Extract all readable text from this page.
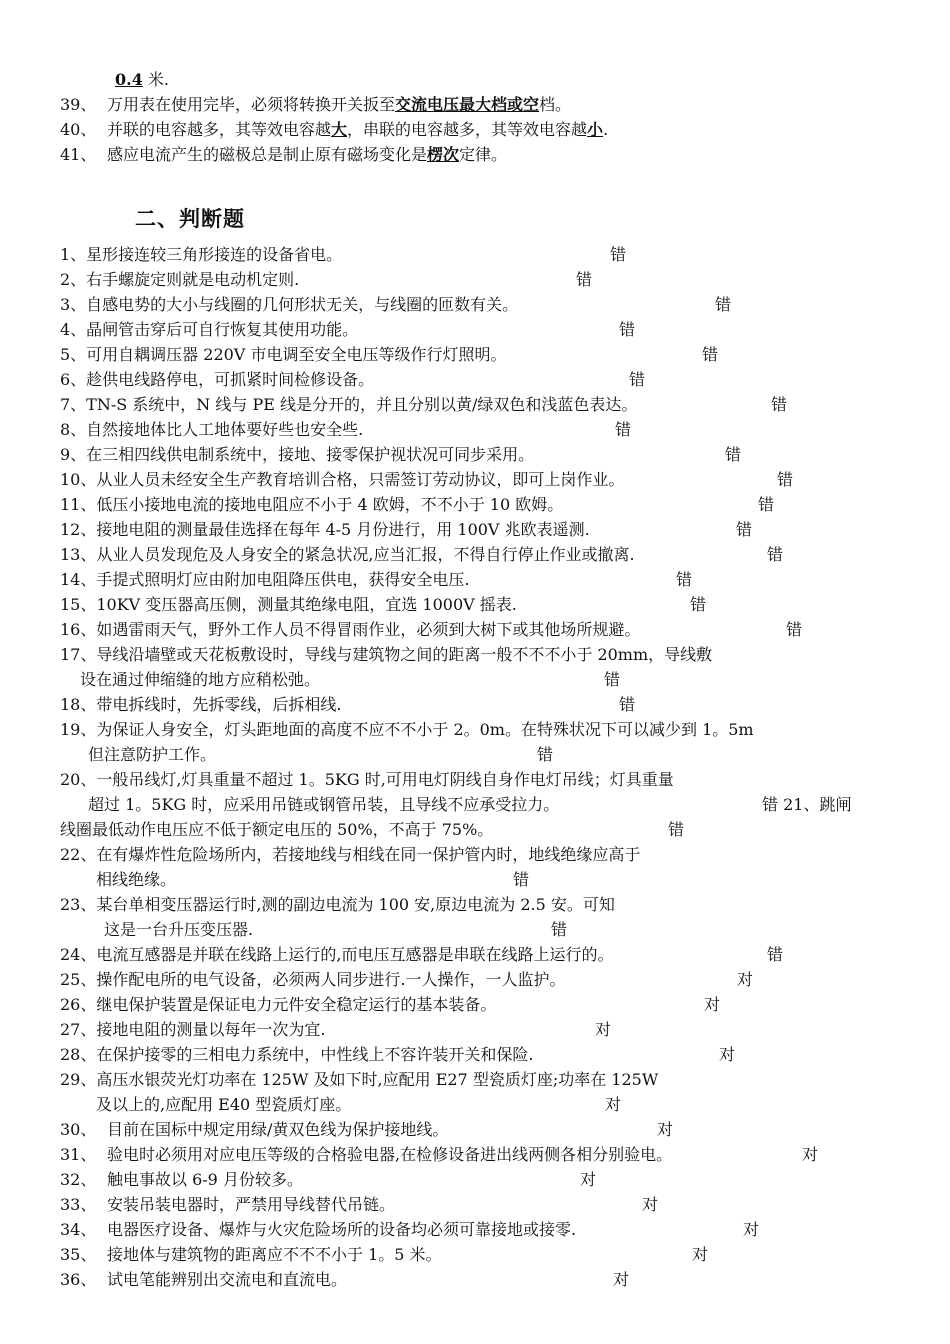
0.4 米.
39、 万用表在使用完毕，必须将转换开关扳至交流电压最大档或空档。
40、 并联的电容越多，其等效电容越大，串联的电容越多，其等效电容越小.
41、 感应电流产生的磁极总是制止原有磁场变化是楞次定律。
二、判断题
1、星形接连较三角形接连的设备省电。	错
2、右手螺旋定则就是电动机定则.	错
3、自感电势的大小与线圈的几何形状无关，与线圈的匝数有关。	错
4、晶闸管击穿后可自行恢复其使用功能。	错
5、可用自耦调压器 220V 市电调至安全电压等级作行灯照明。	错
6、趁供电线路停电，可抓紧时间检修设备。	错
7、TN-S 系统中，N 线与 PE 线是分开的，并且分别以黄/绿双色和浅蓝色表达。	错
8、自然接地体比人工地体要好些也安全些.	错
9、在三相四线供电制系统中，接地、接零保护视状况可同步采用。	错
10、从业人员未经安全生产教育培训合格，只需签订劳动协议，即可上岗作业。	错
11、低压小接地电流的接地电阻应不小于 4 欧姆，不不小于 10 欧姆。	错
12、接地电阻的测量最佳选择在每年 4-5 月份进行，用 100V 兆欧表遥测.	错
13、从业人员发现危及人身安全的紧急状况,应当汇报，不得自行停止作业或撤离.	错
14、手提式照明灯应由附加电阻降压供电，获得安全电压.	错
15、10KV 变压器高压侧，测量其绝缘电阻，宜选 1000V 摇表.	错
16、如遇雷雨天气，野外工作人员不得冒雨作业，必须到大树下或其他场所规避。	错
17、导线沿墙壁或天花板敷设时，导线与建筑物之间的距离一般不不不小于 20mm，导线敷
设在通过伸缩缝的地方应稍松弛。	错
18、带电拆线时，先拆零线，后拆相线.	错
19、为保证人身安全，灯头距地面的高度不应不不小于 2。0m。在特殊状况下可以减少到 1。5m
但注意防护工作。	错
20、一般吊线灯,灯具重量不超过 1。5KG 时,可用电灯阴线自身作电灯吊线；灯具重量
超过 1。5KG 时，应采用吊链或钢管吊装，且导线不应承受拉力。	错 21、跳闸
线圈最低动作电压应不低于额定电压的 50%，不高于 75%。	错
22、在有爆炸性危险场所内，若接地线与相线在同一保护管内时，地线绝缘应高于
相线绝缘。	错
23、某台单相变压器运行时,测的副边电流为 100 安,原边电流为 2.5 安。可知
这是一台升压变压器.	错
24、电流互感器是并联在线路上运行的,而电压互感器是串联在线路上运行的。	错
25、操作配电所的电气设备，必须两人同步进行.一人操作，一人监护。	对
26、继电保护装置是保证电力元件安全稳定运行的基本装备。	对
27、接地电阻的测量以每年一次为宜.	对
28、在保护接零的三相电力系统中，中性线上不容许装开关和保险.	对
29、高压水银荧光灯功率在 125W 及如下时,应配用 E27 型瓷质灯座;功率在 125W
及以上的,应配用 E40 型瓷质灯座。	对
30、 目前在国标中规定用绿/黄双色线为保护接地线。	对
31、 验电时必须用对应电压等级的合格验电器,在检修设备进出线两侧各相分别验电。	对
32、 触电事故以 6-9 月份较多。	对
33、 安装吊装电器时，严禁用导线替代吊链。	对
34、 电器医疗设备、爆炸与火灾危险场所的设备均必须可靠接地或接零.	对
35、 接地体与建筑物的距离应不不不小于 1。5 米。	对
36、 试电笔能辨别出交流电和直流电。	对
